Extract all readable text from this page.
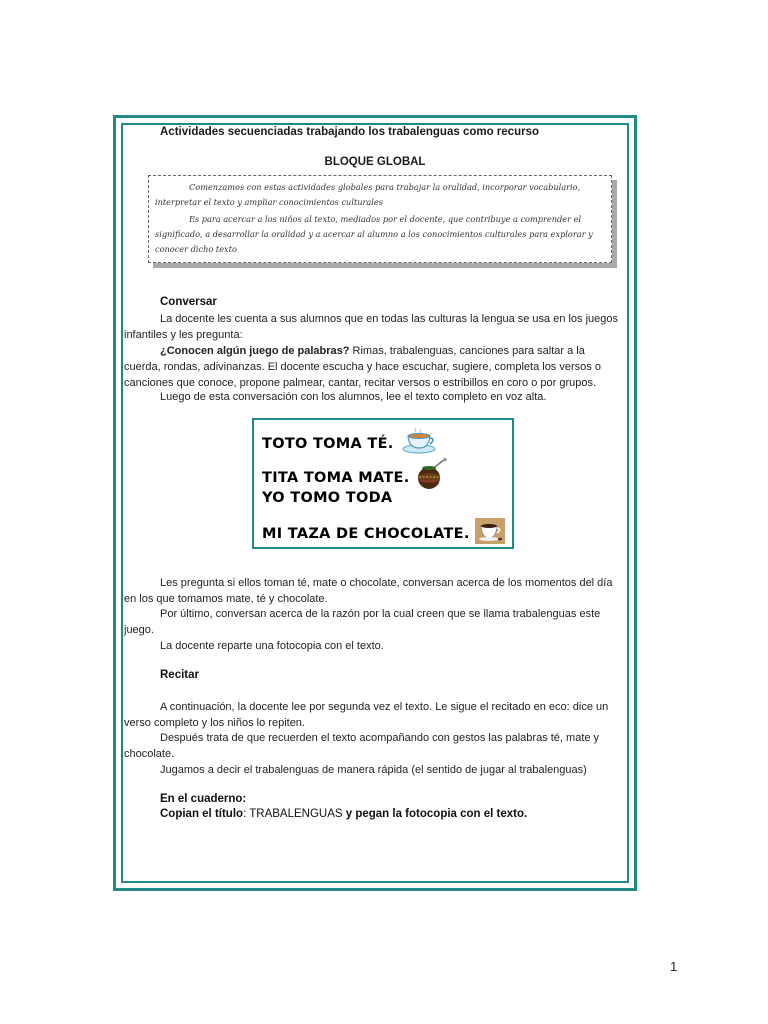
Actividades secuenciadas trabajando los trabalenguas como recurso
BLOQUE GLOBAL

Comenzamos con estas actividades globales para trabajar la oralidad, incorporar vocabulario, interpretar el texto y ampliar conocimientos culturales

Es para acercar a los niños al texto, mediados por el docente, que contribuye a comprender el significado, a desarrollar la oralidad y a acercar al alumno a los conocimientos culturales para explorar y conocer dicho texto

Conversar
La docente les cuenta a sus alumnos que en todas las culturas la lengua se usa en los juegos infantiles y les pregunta:
¿Conocen algún juego de palabras? Rimas, trabalenguas, canciones para saltar a la cuerda, rondas, adivinanzas. El docente escucha y hace escuchar, sugiere, completa los versos o canciones que conoce, propone palmear, cantar, recitar versos o estribillos en coro o por grupos.
Luego de esta conversación con los alumnos, lee el texto completo en voz alta.
TOTO TOMA TÉ.
TITA TOMA MATE.
YO TOMO TODA
MI TAZA DE CHOCOLATE.
Les pregunta si ellos toman té, mate o chocolate, conversan acerca de los momentos del día en los que tomamos mate, té y chocolate.
Por último, conversan acerca de la razón por la cual creen que se llama trabalenguas este juego.
La docente reparte una fotocopia con el texto.
Recitar
A continuación, la docente lee por segunda vez el texto. Le sigue el recitado en eco: dice un verso completo y los niños lo repiten.
Después trata de que recuerden el texto acompañando con gestos las palabras té, mate y chocolate.
Jugamos a decir el trabalenguas de manera rápida (el sentido de jugar al trabalenguas)
En el cuaderno:
Copian el título: TRABALENGUAS y pegan la fotocopia con el texto.
1
